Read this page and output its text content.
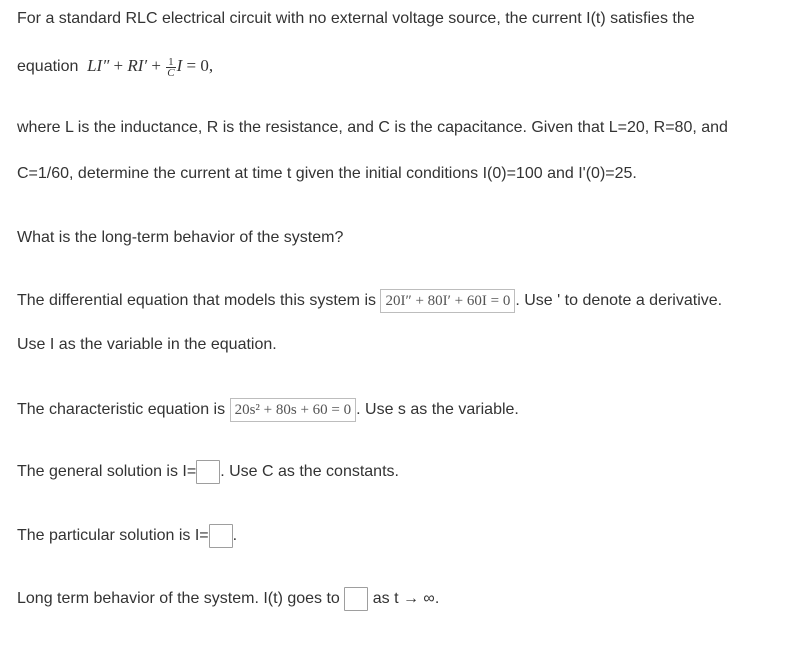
For a standard RLC electrical circuit with no external voltage source, the current I(t) satisfies the
equation  $LI'' + RI' + \frac{1}{C}$ I = 0,
where L is the inductance, R is the resistance, and C is the capacitance. Given that L=20, R=80, and
C=1/60, determine the current at time t given the initial conditions I(0)=100 and I'(0)=25.
What is the long-term behavior of the system?
The differential equation that models this system is 20I″ + 80I′ + 60I = 0 . Use ' to denote a derivative.
Use I as the variable in the equation.
The characteristic equation is 20s² + 80s + 60 = 0 . Use s as the variable.
The general solution is I= . Use C as the constants.
The particular solution is I= .
Long term behavior of the system. I(t) goes to as t → ∞.
